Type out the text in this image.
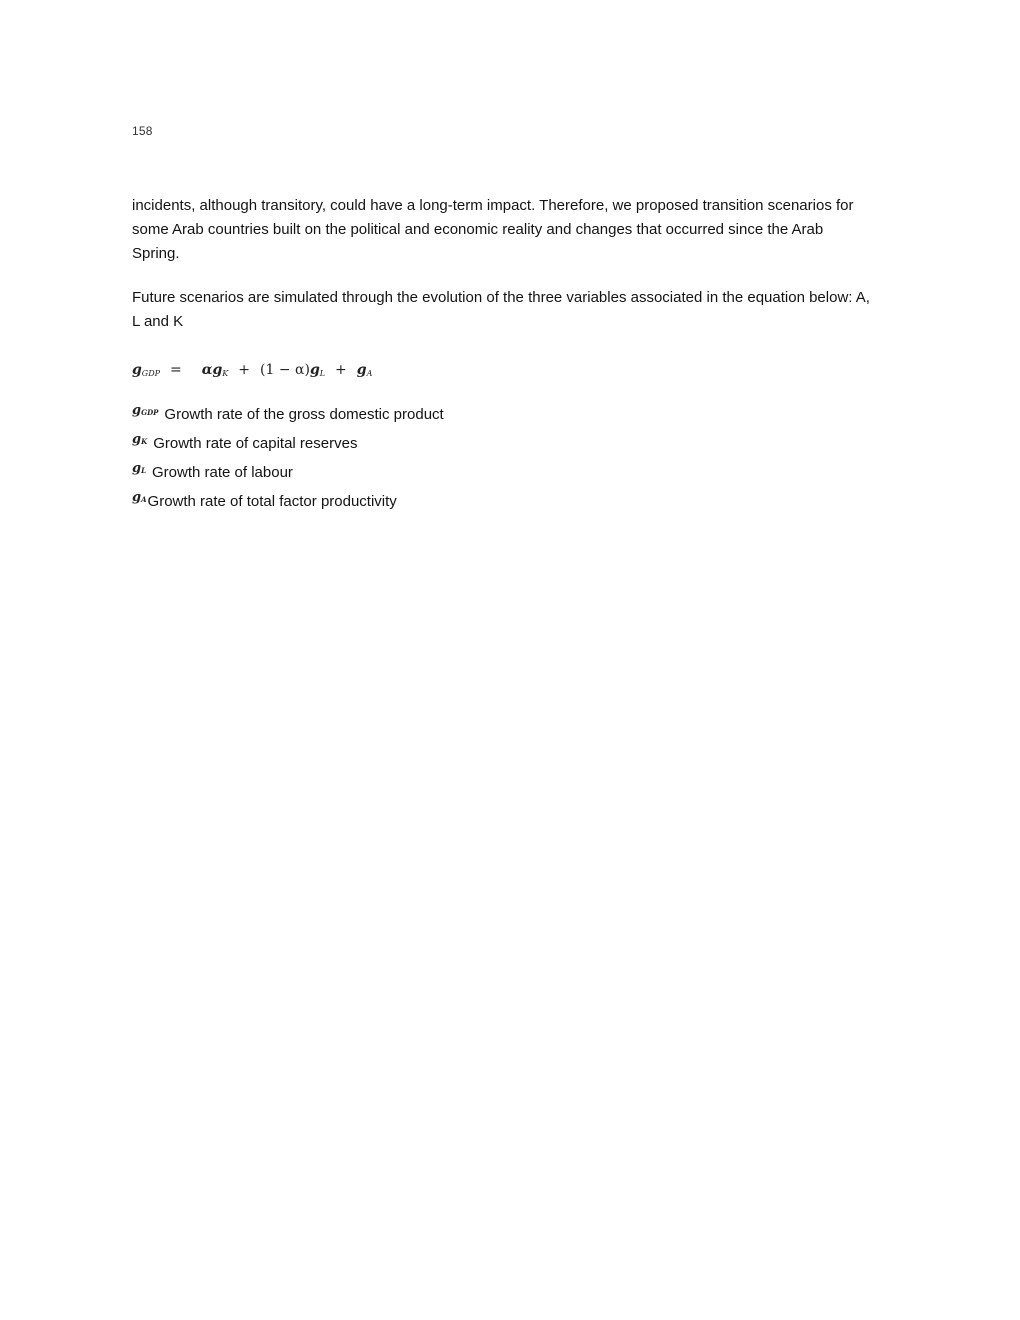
158

incidents, although transitory, could have a long-term impact. Therefore, we proposed transition scenarios for some Arab countries built on the political and economic reality and changes that occurred since the Arab Spring.

Future scenarios are simulated through the evolution of the three variables associated in the equation below: A, L and K

$g_{GDP} = \alpha$ $g_K + (1 - \alpha) g_L + g_A$
$g_{GDP}$ Growth rate of the gross domestic product
$g_K$ Growth rate of capital reserves
$g_L$ Growth rate of labour
$g_A$ Growth rate of total factor productivity
